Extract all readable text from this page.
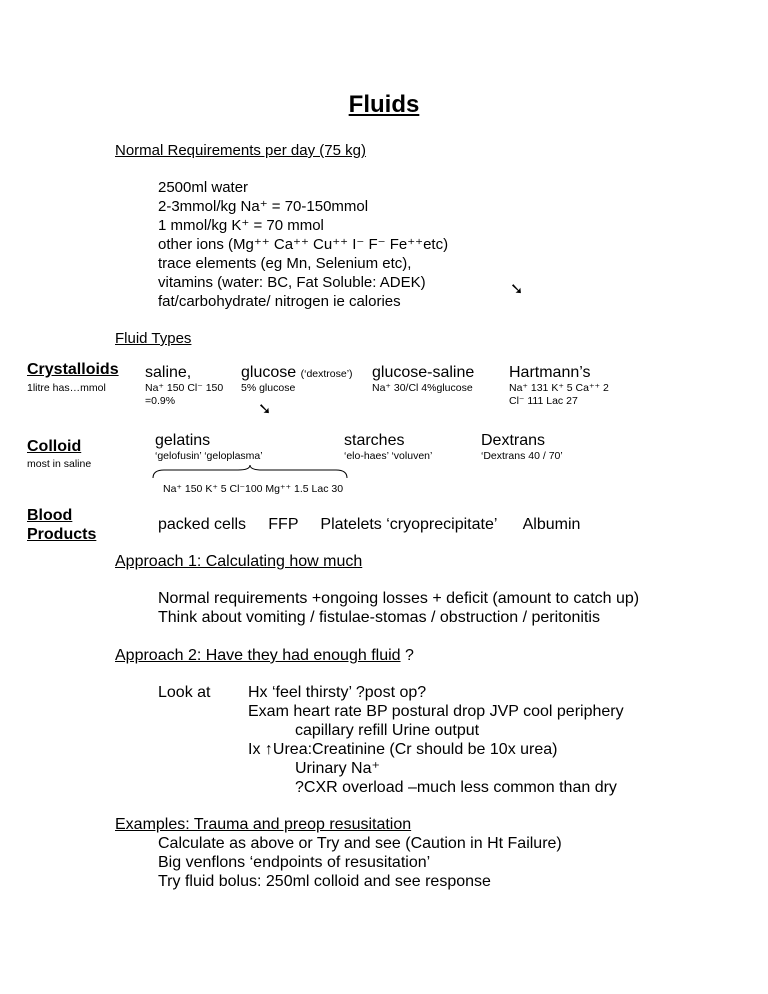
Fluids
Normal Requirements per day (75 kg)
2500ml water
2-3mmol/kg Na⁺ = 70-150mmol
1 mmol/kg K⁺ = 70 mmol
other ions (Mg⁺⁺ Ca⁺⁺ Cu⁺⁺ I⁻ F⁻ Fe⁺⁺etc)
trace elements (eg Mn, Selenium etc),
vitamins (water: BC, Fat Soluble: ADEK)
fat/carbohydrate/ nitrogen ie calories
➘
Fluid Types
Crystalloids
1litre has…mmol
saline,
Na⁺ 150 Cl⁻ 150
=0.9%
glucose (‘dextrose’)
5% glucose
➘
glucose-saline
Na⁺ 30/Cl 4%glucose
Hartmann’s
Na⁺ 131 K⁺ 5 Ca⁺⁺ 2
Cl⁻ 111 Lac 27
Colloid
most in saline
gelatins
‘gelofusin’ ‘geloplasma’
starches
‘elo-haes’ ‘voluven’
Dextrans
‘Dextrans 40 / 70’
Na⁺ 150 K⁺ 5 Cl⁻100 Mg⁺⁺ 1.5 Lac 30
Blood
Products
packed cells     FFP     Platelets ‘cryoprecipitate’      Albumin
Approach 1: Calculating how much
Normal requirements +ongoing losses + deficit (amount to catch up)
Think about vomiting / fistulae-stomas / obstruction / peritonitis
Approach 2: Have they had enough fluid ?
Look at Hx ‘feel thirsty’ ?post op?
Exam heart rate BP postural drop JVP cool periphery
capillary refill Urine output
Ix ↑Urea:Creatinine (Cr should be 10x urea)
Urinary Na⁺
?CXR overload –much less common than dry
Examples: Trauma and preop resusitation
Calculate as above or Try and see (Caution in Ht Failure)
Big venflons ‘endpoints of resusitation’
Try fluid bolus: 250ml colloid and see response
